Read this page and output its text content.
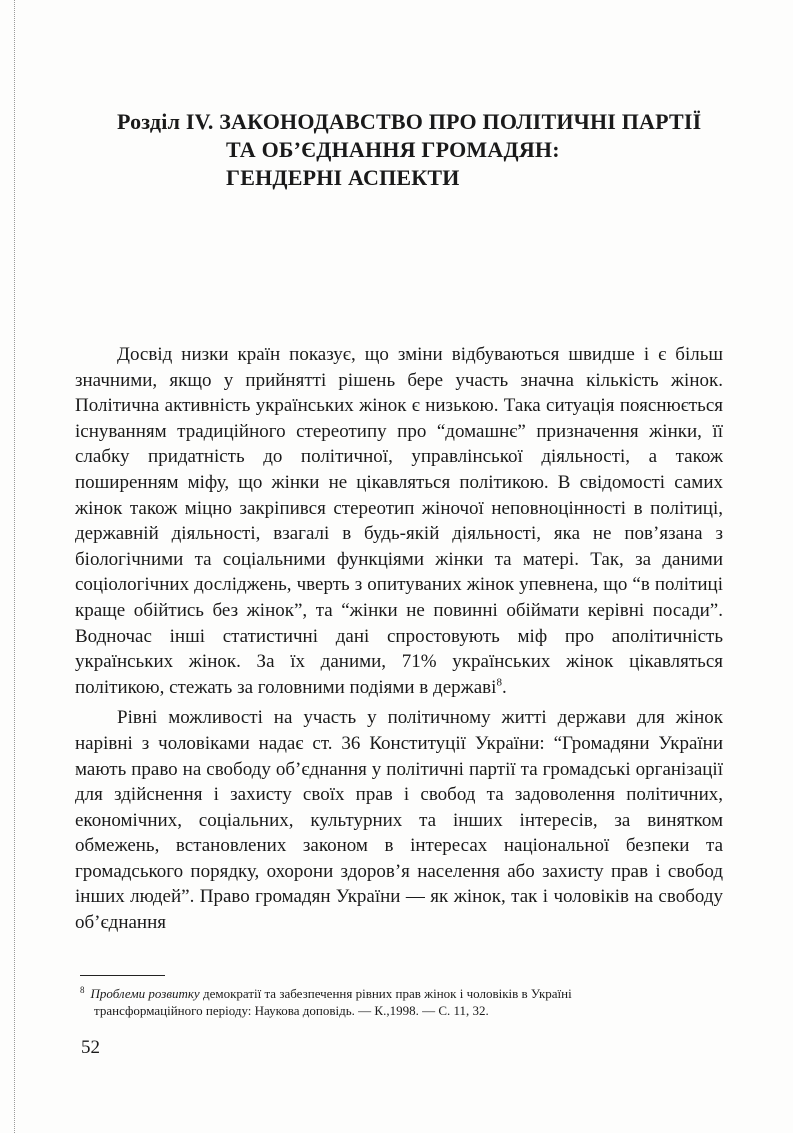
Розділ IV. ЗАКОНОДАВСТВО ПРО ПОЛІТИЧНІ ПАРТІЇ
ТА ОБ’ЄДНАННЯ ГРОМАДЯН:
ГЕНДЕРНІ АСПЕКТИ

Досвід низки країн показує, що зміни відбуваються швидше і є більш значними, якщо у прийнятті рішень бере участь значна кількість жінок. Політична активність українських жінок є низькою. Така ситуація пояснюється існуванням традиційного стереотипу про “домашнє” призначення жінки, її слабку придатність до політичної, управлінської діяльності, а також поширенням міфу, що жінки не цікавляться політикою. В свідомості самих жінок також міцно закріпився стереотип жіночої неповноцінності в політиці, державній діяльності, взагалі в будь-якій діяльності, яка не пов’язана з біологічними та соціальними функціями жінки та матері. Так, за даними соціологічних досліджень, чверть з опитуваних жінок упевнена, що “в політиці краще обійтись без жінок”, та “жінки не повинні обіймати керівні посади”. Водночас інші статистичні дані спростовують міф про аполітичність українських жінок. За їх даними, 71% українських жінок цікавляться політикою, стежать за головними подіями в державі$^8$.

Рівні можливості на участь у політичному житті держави для жінок нарівні з чоловіками надає ст. 36 Конституції України: “Громадяни України мають право на свободу об’єднання у політичні партії та громадські організації для здійснення і захисту своїх прав і свобод та задоволення політичних, економічних, соціальних, культурних та інших інтересів, за винятком обмежень, встановлених законом в інтересах національної безпеки та громадського порядку, охорони здоров’я населення або захисту прав і свобод інших людей”. Право громадян України — як жінок, так і чоловіків на свободу об’єднання

$^8$ Проблеми розвитку демократії та забезпечення рівних прав жінок і чоловіків в Україні
трансформаційного періоду: Наукова доповідь. — К.,1998. — С. 11, 32.
52
